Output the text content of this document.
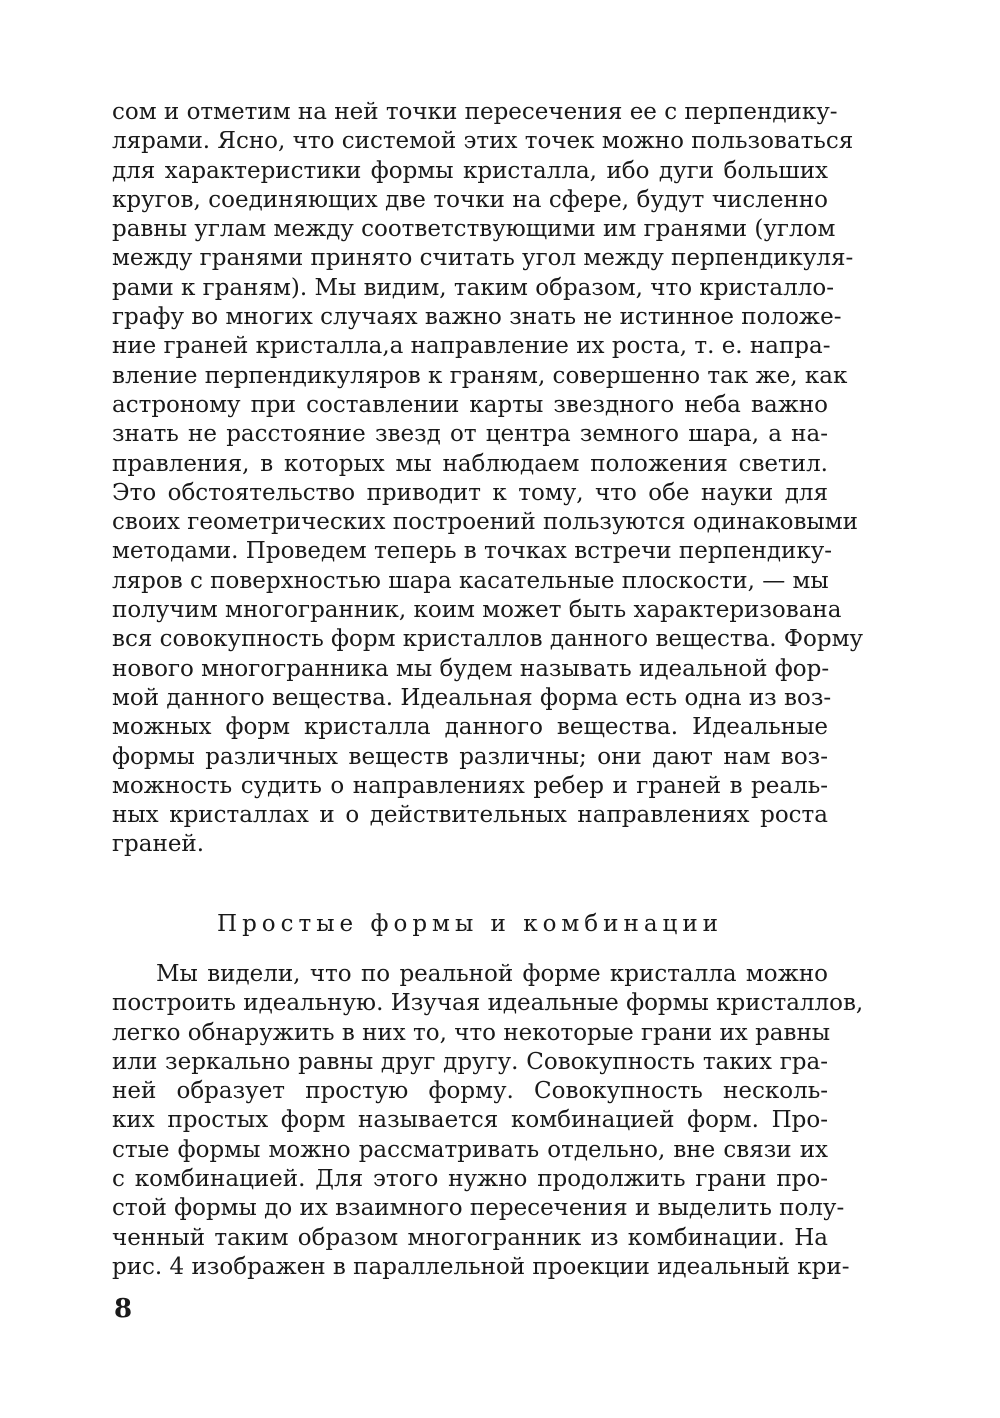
сом и отметим на ней точки пересечения ее с перпендику-
лярами. Ясно, что системой этих точек можно пользоваться
для характеристики формы кристалла, ибо дуги больших
кругов, соединяющих две точки на сфере, будут численно
равны углам между соответствующими им гранями (углом
между гранями принято считать угол между перпендикуля-
рами к граням). Мы видим, таким образом, что кристалло-
графу во многих случаях важно знать не истинное положе-
ние граней кристалла,а направление их роста, т. е. напра-
вление перпендикуляров к граням, совершенно так же, как
астроному при составлении карты звездного неба важно
знать не расстояние звезд от центра земного шара, а на-
правления, в которых мы наблюдаем положения светил.
Это обстоятельство приводит к тому, что обе науки для
своих геометрических построений пользуются одинаковыми
методами. Проведем теперь в точках встречи перпендику-
ляров с поверхностью шара касательные плоскости, — мы
получим многогранник, коим может быть характеризована
вся совокупность форм кристаллов данного вещества. Форму
нового многогранника мы будем называть идеальной фор-
мой данного вещества. Идеальная форма есть одна из воз-
можных форм кристалла данного вещества. Идеальные
формы различных веществ различны; они дают нам воз-
можность судить о направлениях ребер и граней в реаль-
ных кристаллах и о действительных направлениях роста
граней.
Простые формы и комбинации
Мы видели, что по реальной форме кристалла можно
построить идеальную. Изучая идеальные формы кристаллов,
легко обнаружить в них то, что некоторые грани их равны
или зеркально равны друг другу. Совокупность таких гра-
ней образует простую форму. Совокупность несколь-
ких простых форм называется комбинацией форм. Про-
стые формы можно рассматривать отдельно, вне связи их
с комбинацией. Для этого нужно продолжить грани про-
стой формы до их взаимного пересечения и выделить полу-
ченный таким образом многогранник из комбинации. На
рис. 4 изображен в параллельной проекции идеальный кри-
8
